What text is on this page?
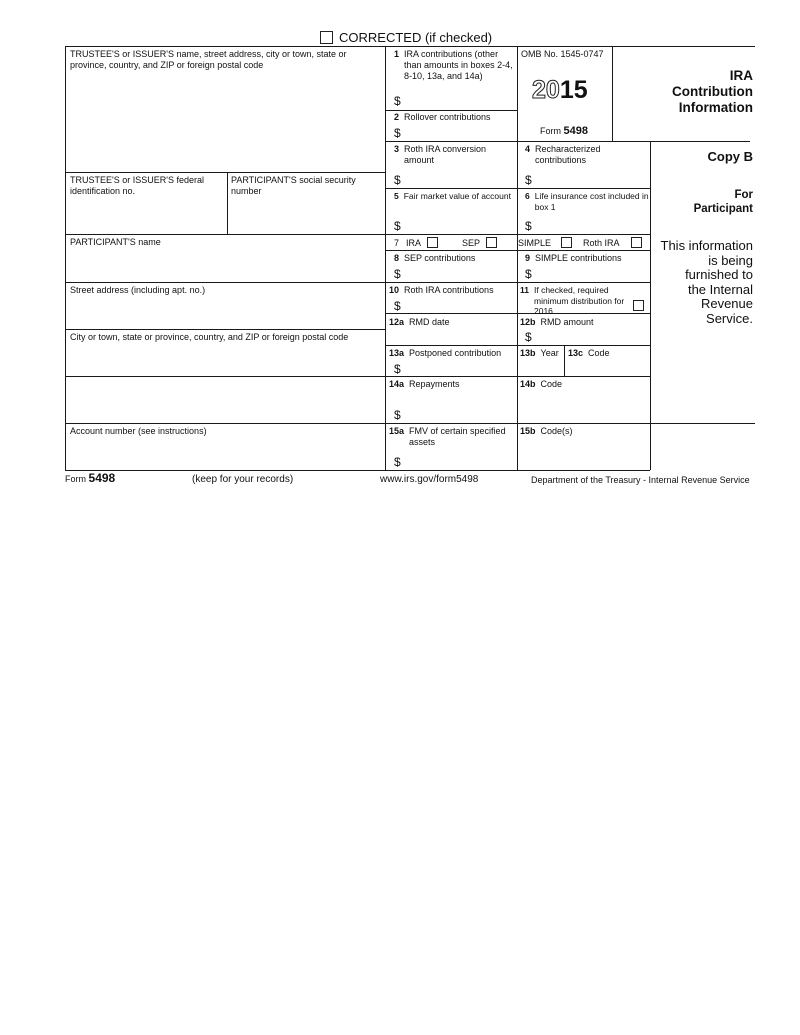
CORRECTED (if checked)
TRUSTEE'S or ISSUER'S name, street address, city or town, state or province, country, and ZIP or foreign postal code
TRUSTEE'S or ISSUER'S federal identification no.
PARTICIPANT'S social security number
PARTICIPANT'S name
Street address (including apt. no.)
City or town, state or province, country, and ZIP or foreign postal code
Account number (see instructions)
1 IRA contributions (other than amounts in boxes 2-4, 8-10, 13a, and 14a)
$
2 Rollover contributions
$
3 Roth IRA conversion amount
$
4 Recharacterized contributions
$
5 Fair market value of account
$
6 Life insurance cost included in box 1
$
7 IRA	SEP	SIMPLE	Roth IRA
8 SEP contributions
$
9 SIMPLE contributions
$
10 Roth IRA contributions
$
11 If checked, required minimum distribution for 2016
12a RMD date	12b RMD amount
$
13a Postponed contribution
$
13b Year 13c Code
14a Repayments
$
14b Code
15a FMV of certain specified assets
$
15b Code(s)
OMB No. 1545-0747
2015
Form 5498
IRA
Contribution
Information
Copy B
For
Participant
This information
is being
furnished to
the Internal
Revenue
Service.
Form 5498	(keep for your records)	www.irs.gov/form5498	Department of the Treasury - Internal Revenue Service
